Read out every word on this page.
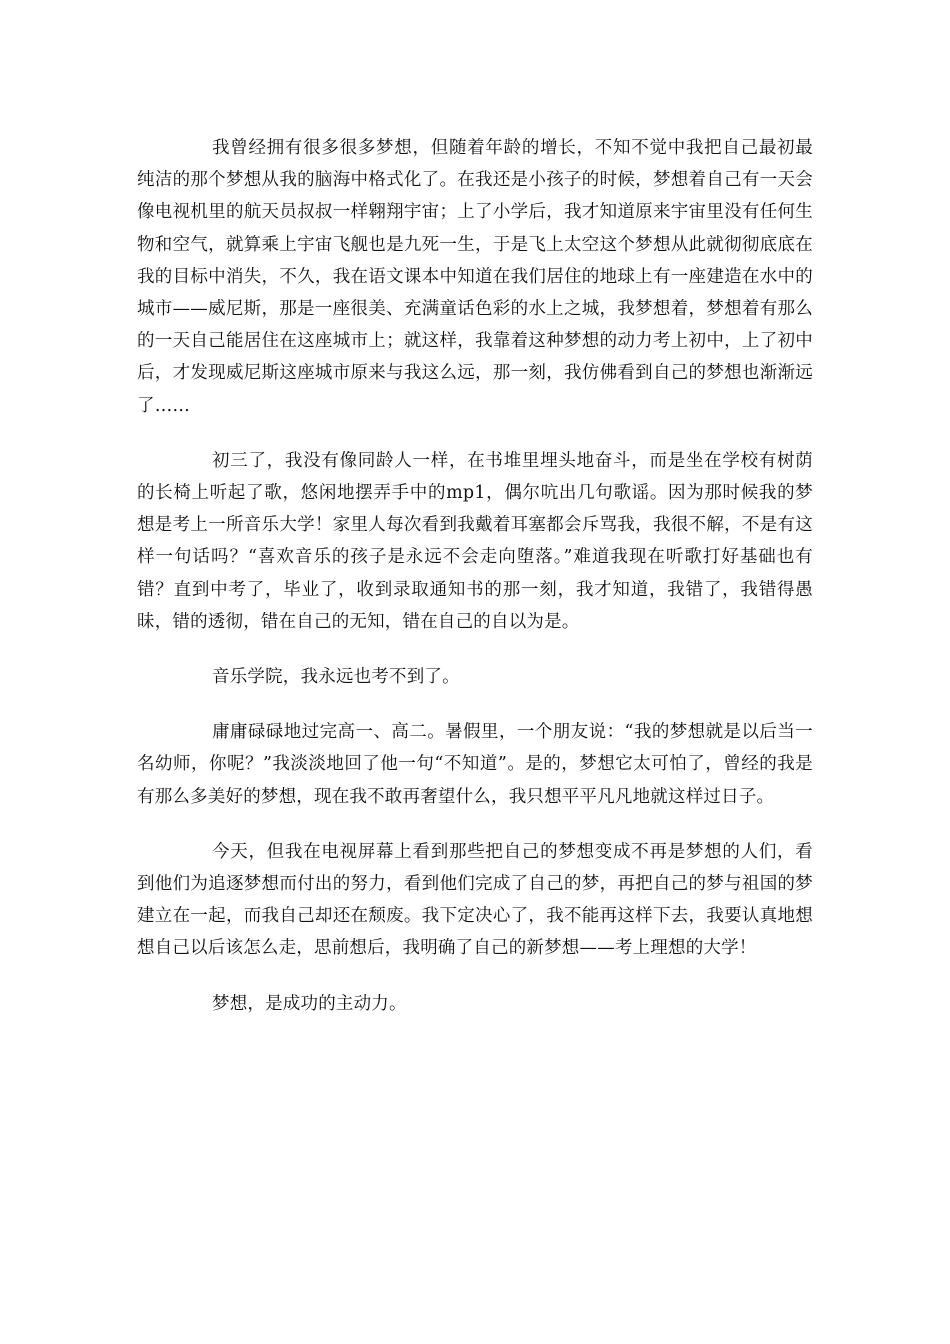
我曾经拥有很多很多梦想，但随着年龄的增长，不知不觉中我把自己最初最纯洁的那个梦想从我的脑海中格式化了。在我还是小孩子的时候，梦想着自己有一天会像电视机里的航天员叔叔一样翱翔宇宙；上了小学后，我才知道原来宇宙里没有任何生物和空气，就算乘上宇宙飞舰也是九死一生，于是飞上太空这个梦想从此就彻彻底底在我的目标中消失，不久，我在语文课本中知道在我们居住的地球上有一座建造在水中的城市——威尼斯，那是一座很美、充满童话色彩的水上之城，我梦想着，梦想着有那么的一天自己能居住在这座城市上；就这样，我靠着这种梦想的动力考上初中，上了初中后，才发现威尼斯这座城市原来与我这么远，那一刻，我仿佛看到自己的梦想也渐渐远了……

初三了，我没有像同龄人一样，在书堆里埋头地奋斗，而是坐在学校有树荫的长椅上听起了歌，悠闲地摆弄手中的mp1，偶尔吭出几句歌谣。因为那时候我的梦想是考上一所音乐大学！家里人每次看到我戴着耳塞都会斥骂我，我很不解，不是有这样一句话吗？“喜欢音乐的孩子是永远不会走向堕落。”难道我现在听歌打好基础也有错？直到中考了，毕业了，收到录取通知书的那一刻，我才知道，我错了，我错得愚昧，错的透彻，错在自己的无知，错在自己的自以为是。

音乐学院，我永远也考不到了。

庸庸碌碌地过完高一、高二。暑假里，一个朋友说：“我的梦想就是以后当一名幼师，你呢？”我淡淡地回了他一句“不知道”。是的，梦想它太可怕了，曾经的我是有那么多美好的梦想，现在我不敢再奢望什么，我只想平平凡凡地就这样过日子。

今天，但我在电视屏幕上看到那些把自己的梦想变成不再是梦想的人们，看到他们为追逐梦想而付出的努力，看到他们完成了自己的梦，再把自己的梦与祖国的梦建立在一起，而我自己却还在颓废。我下定决心了，我不能再这样下去，我要认真地想想自己以后该怎么走，思前想后，我明确了自己的新梦想——考上理想的大学！

梦想，是成功的主动力。
